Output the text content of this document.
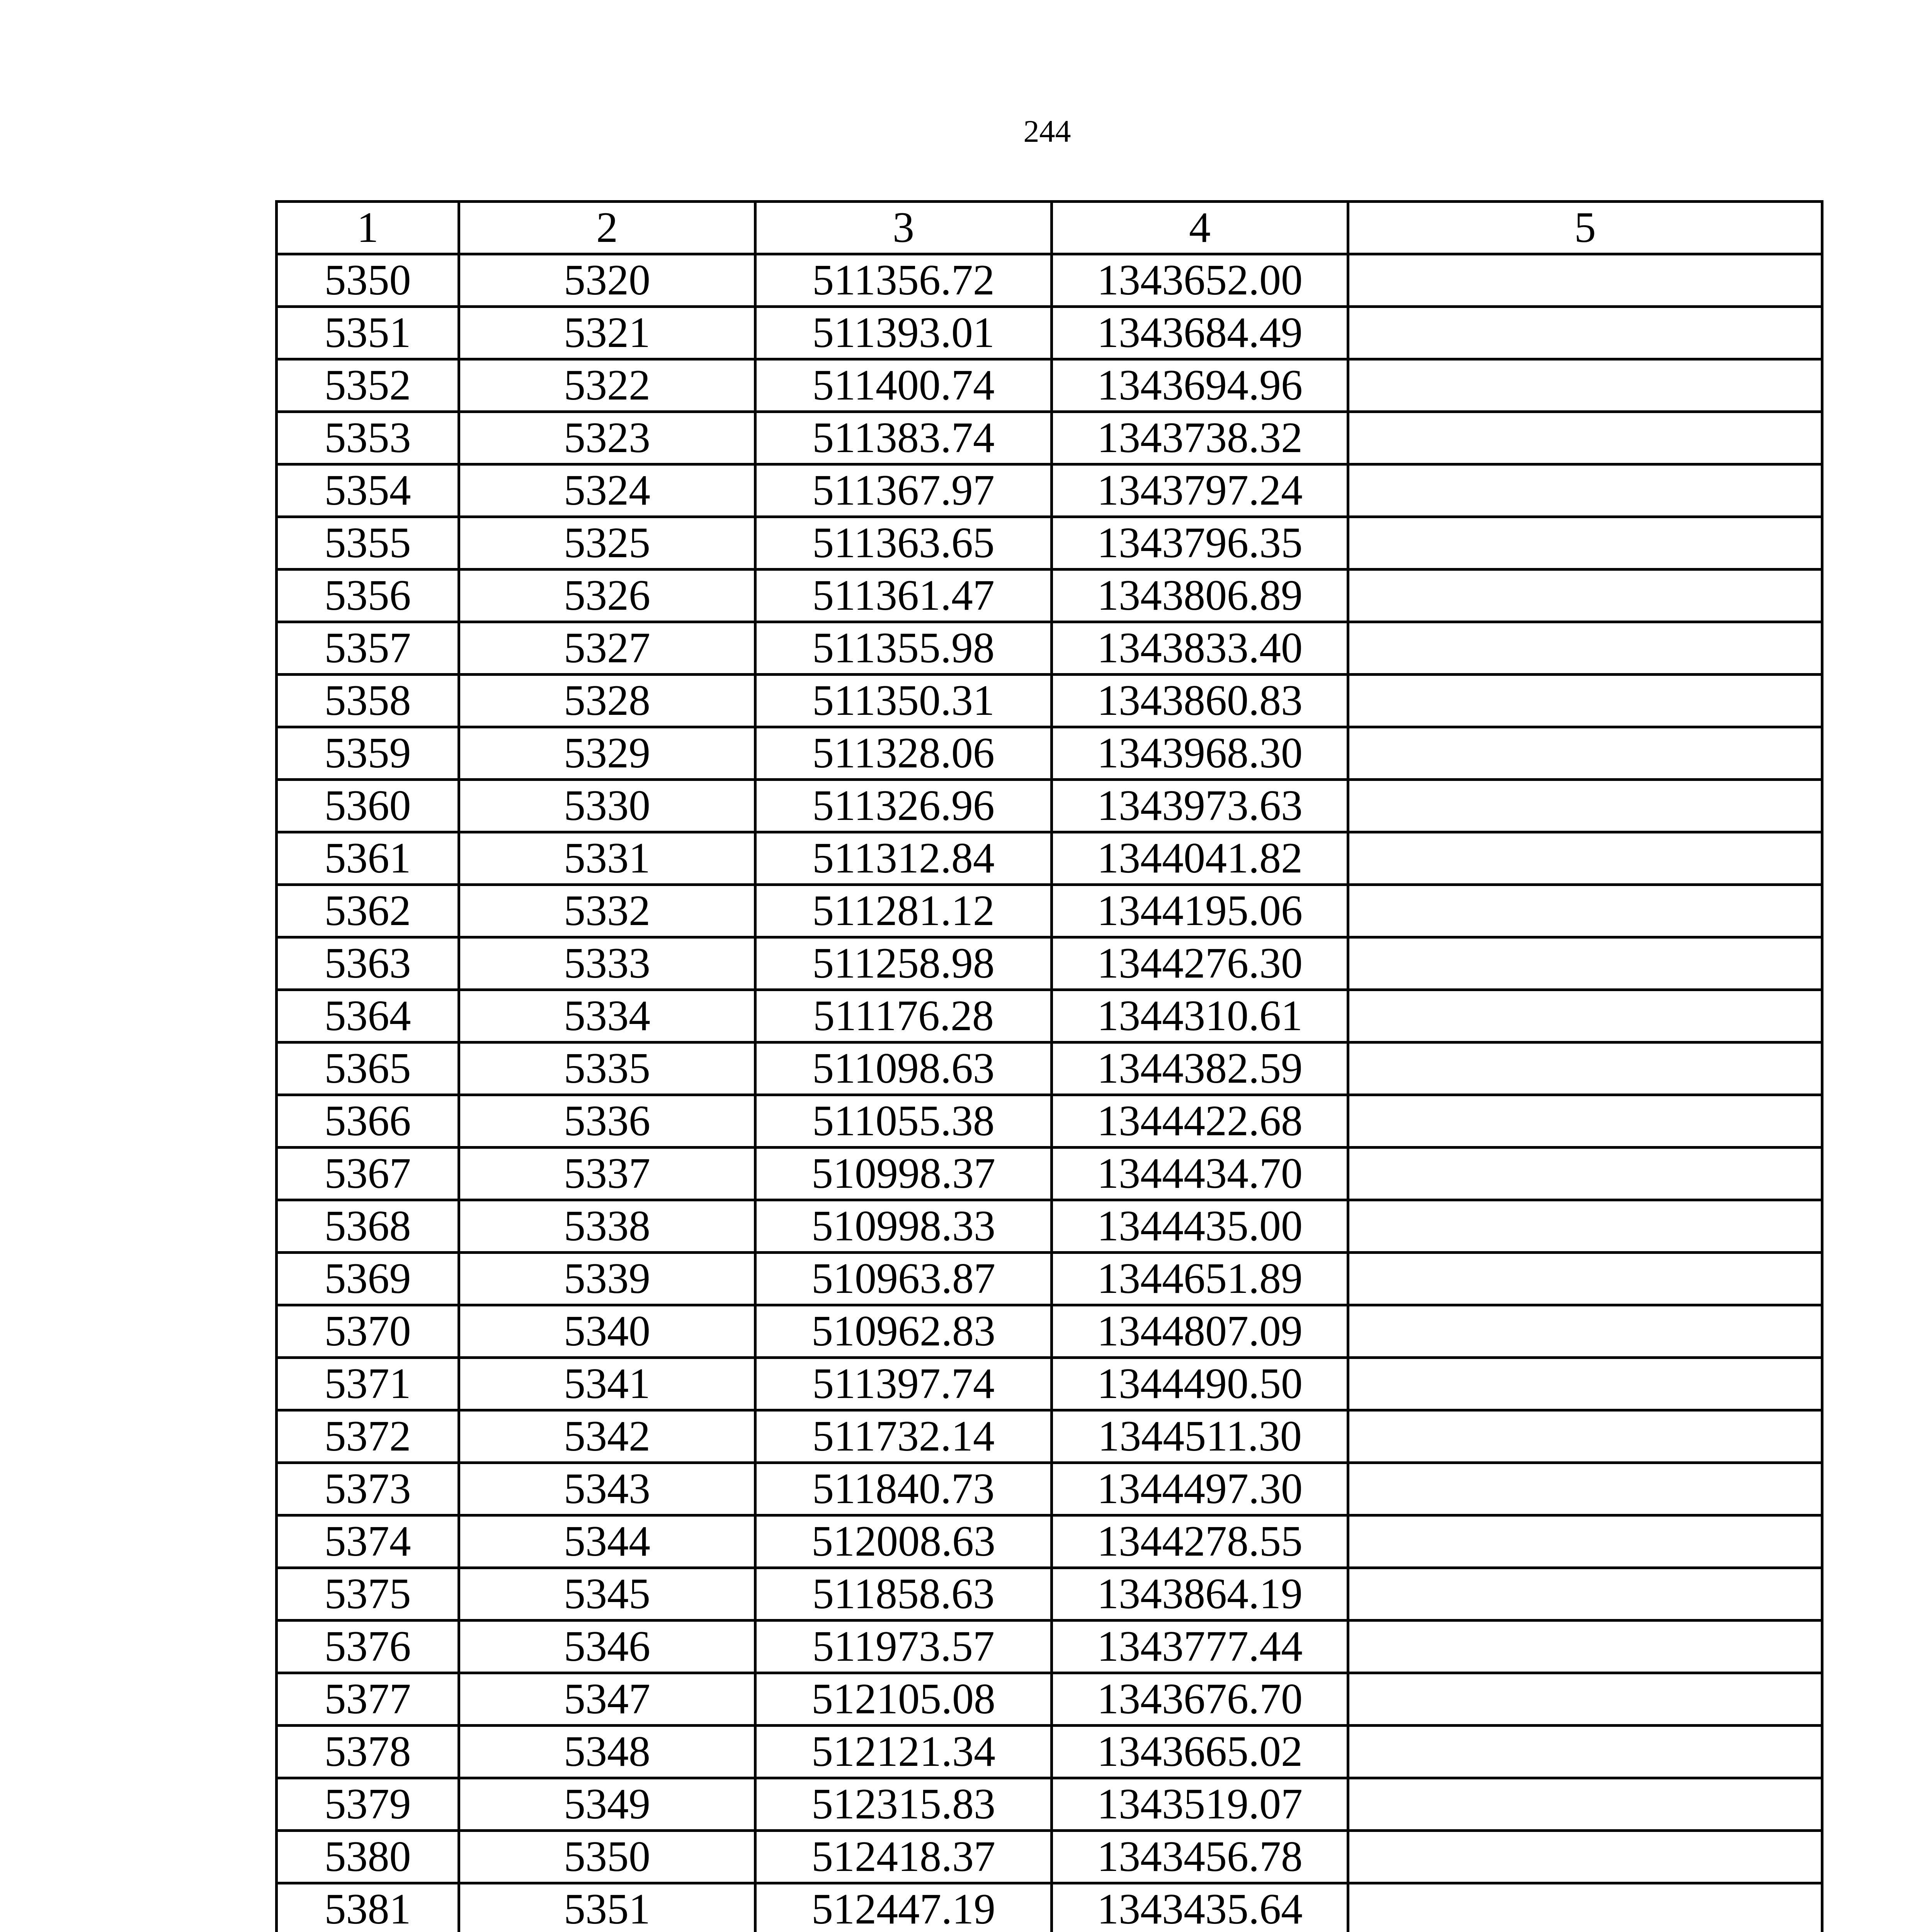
244
1	2	3	4	5
5350	5320	511356.72	1343652.00	
5351	5321	511393.01	1343684.49	
5352	5322	511400.74	1343694.96	
5353	5323	511383.74	1343738.32	
5354	5324	511367.97	1343797.24	
5355	5325	511363.65	1343796.35	
5356	5326	511361.47	1343806.89	
5357	5327	511355.98	1343833.40	
5358	5328	511350.31	1343860.83	
5359	5329	511328.06	1343968.30	
5360	5330	511326.96	1343973.63	
5361	5331	511312.84	1344041.82	
5362	5332	511281.12	1344195.06	
5363	5333	511258.98	1344276.30	
5364	5334	511176.28	1344310.61	
5365	5335	511098.63	1344382.59	
5366	5336	511055.38	1344422.68	
5367	5337	510998.37	1344434.70	
5368	5338	510998.33	1344435.00	
5369	5339	510963.87	1344651.89	
5370	5340	510962.83	1344807.09	
5371	5341	511397.74	1344490.50	
5372	5342	511732.14	1344511.30	
5373	5343	511840.73	1344497.30	
5374	5344	512008.63	1344278.55	
5375	5345	511858.63	1343864.19	
5376	5346	511973.57	1343777.44	
5377	5347	512105.08	1343676.70	
5378	5348	512121.34	1343665.02	
5379	5349	512315.83	1343519.07	
5380	5350	512418.37	1343456.78	
5381	5351	512447.19	1343435.64	
